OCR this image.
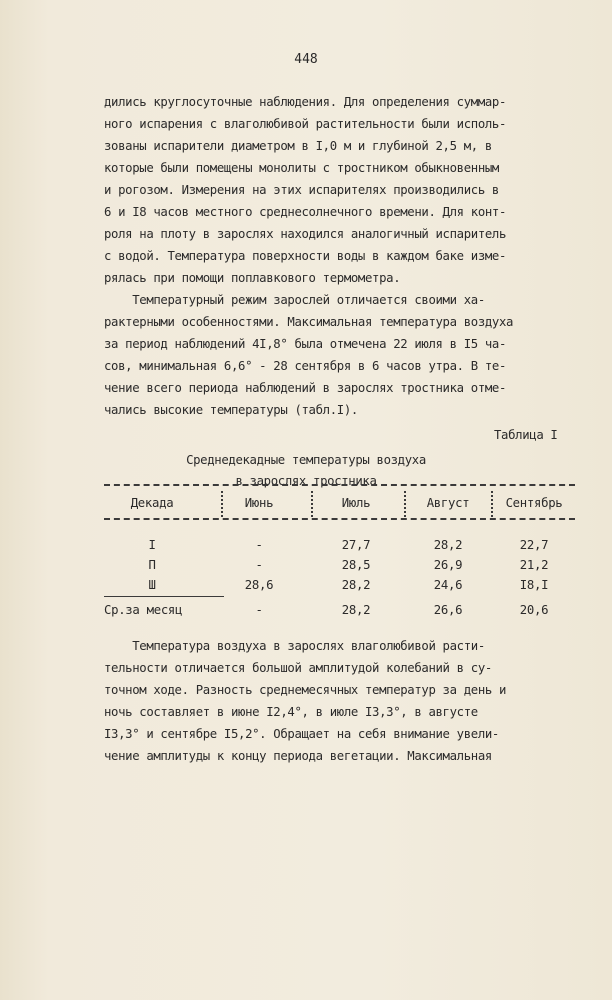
448
дились круглосуточные наблюдения. Для определения суммар-
ного испарения с влаголюбивой растительности были исполь-
зованы испарители диаметром в I,0 м и глубиной 2,5 м, в
которые были помещены монолиты с тростником обыкновенным
и рогозом. Измерения на этих испарителях производились в
6 и I8 часов местного среднесолнечного времени. Для конт-
роля на плоту в зарослях находился аналогичный испаритель
с водой. Температура поверхности воды в каждом баке изме-
рялась при помощи поплавкового термометра.
Температурный режим зарослей отличается своими ха-
рактерными особенностями. Максимальная температура воздуха
за период наблюдений 4I,8° была отмечена 22 июля в I5 ча-
сов, минимальная 6,6° - 28 сентября в 6 часов утра. В те-
чение всего периода наблюдений в зарослях тростника отме-
чались высокие температуры (табл.I).
Таблица I
Среднедекадные температуры воздуха
в зарослях тростника
Декада	Июнь	Июль	Август	Сентябрь
I	-	27,7	28,2	22,7
П	-	28,5	26,9	21,2
Ш	28,6	28,2	24,6	I8,I
Ср.за месяц	-	28,2	26,6	20,6
Температура воздуха в зарослях влаголюбивой расти-
тельности отличается большой амплитудой колебаний в су-
точном ходе. Разность среднемесячных температур за день и
ночь составляет в июне I2,4°, в июле I3,3°, в августе
I3,3° и сентябре I5,2°. Обращает на себя внимание увели-
чение амплитуды к концу периода вегетации. Максимальная
